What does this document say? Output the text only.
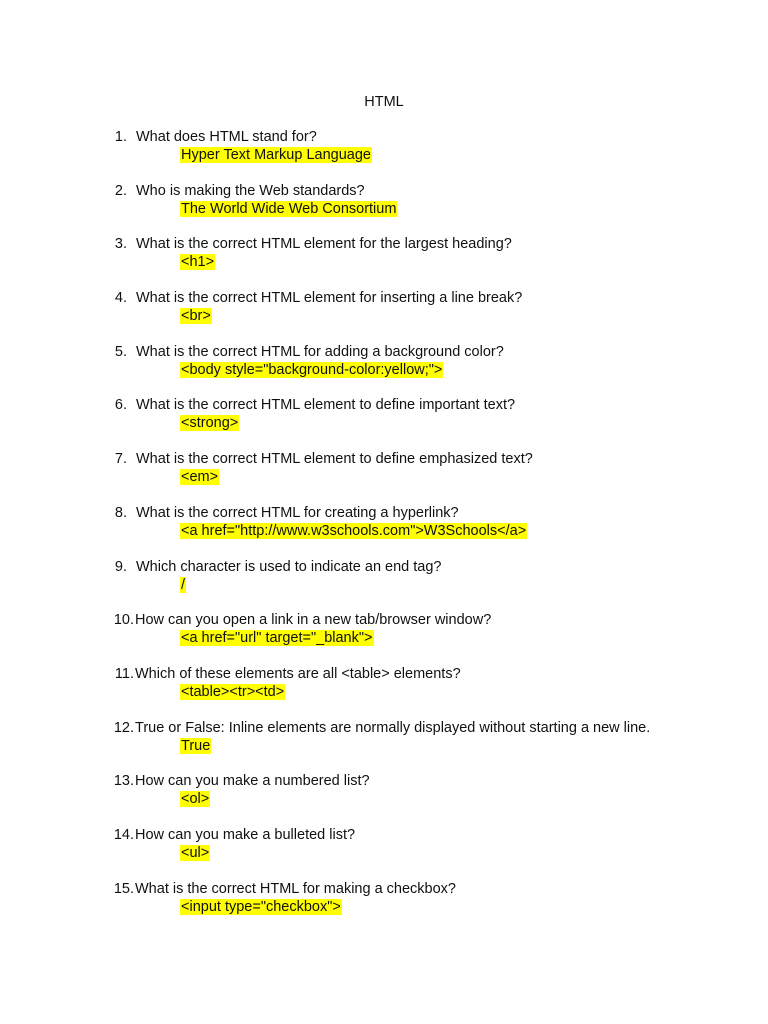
HTML
1. What does HTML stand for?
Hyper Text Markup Language
2. Who is making the Web standards?
The World Wide Web Consortium
3. What is the correct HTML element for the largest heading?
<h1>
4. What is the correct HTML element for inserting a line break?
<br>
5. What is the correct HTML for adding a background color?
<body style="background-color:yellow;">
6. What is the correct HTML element to define important text?
<strong>
7. What is the correct HTML element to define emphasized text?
<em>
8. What is the correct HTML for creating a hyperlink?
<a href="http://www.w3schools.com">W3Schools</a>
9. Which character is used to indicate an end tag?
/
10. How can you open a link in a new tab/browser window?
<a href="url" target="_blank">
11. Which of these elements are all <table> elements?
<table><tr><td>
12. True or False: Inline elements are normally displayed without starting a new line.
True
13. How can you make a numbered list?
<ol>
14. How can you make a bulleted list?
<ul>
15. What is the correct HTML for making a checkbox?
<input type="checkbox">
